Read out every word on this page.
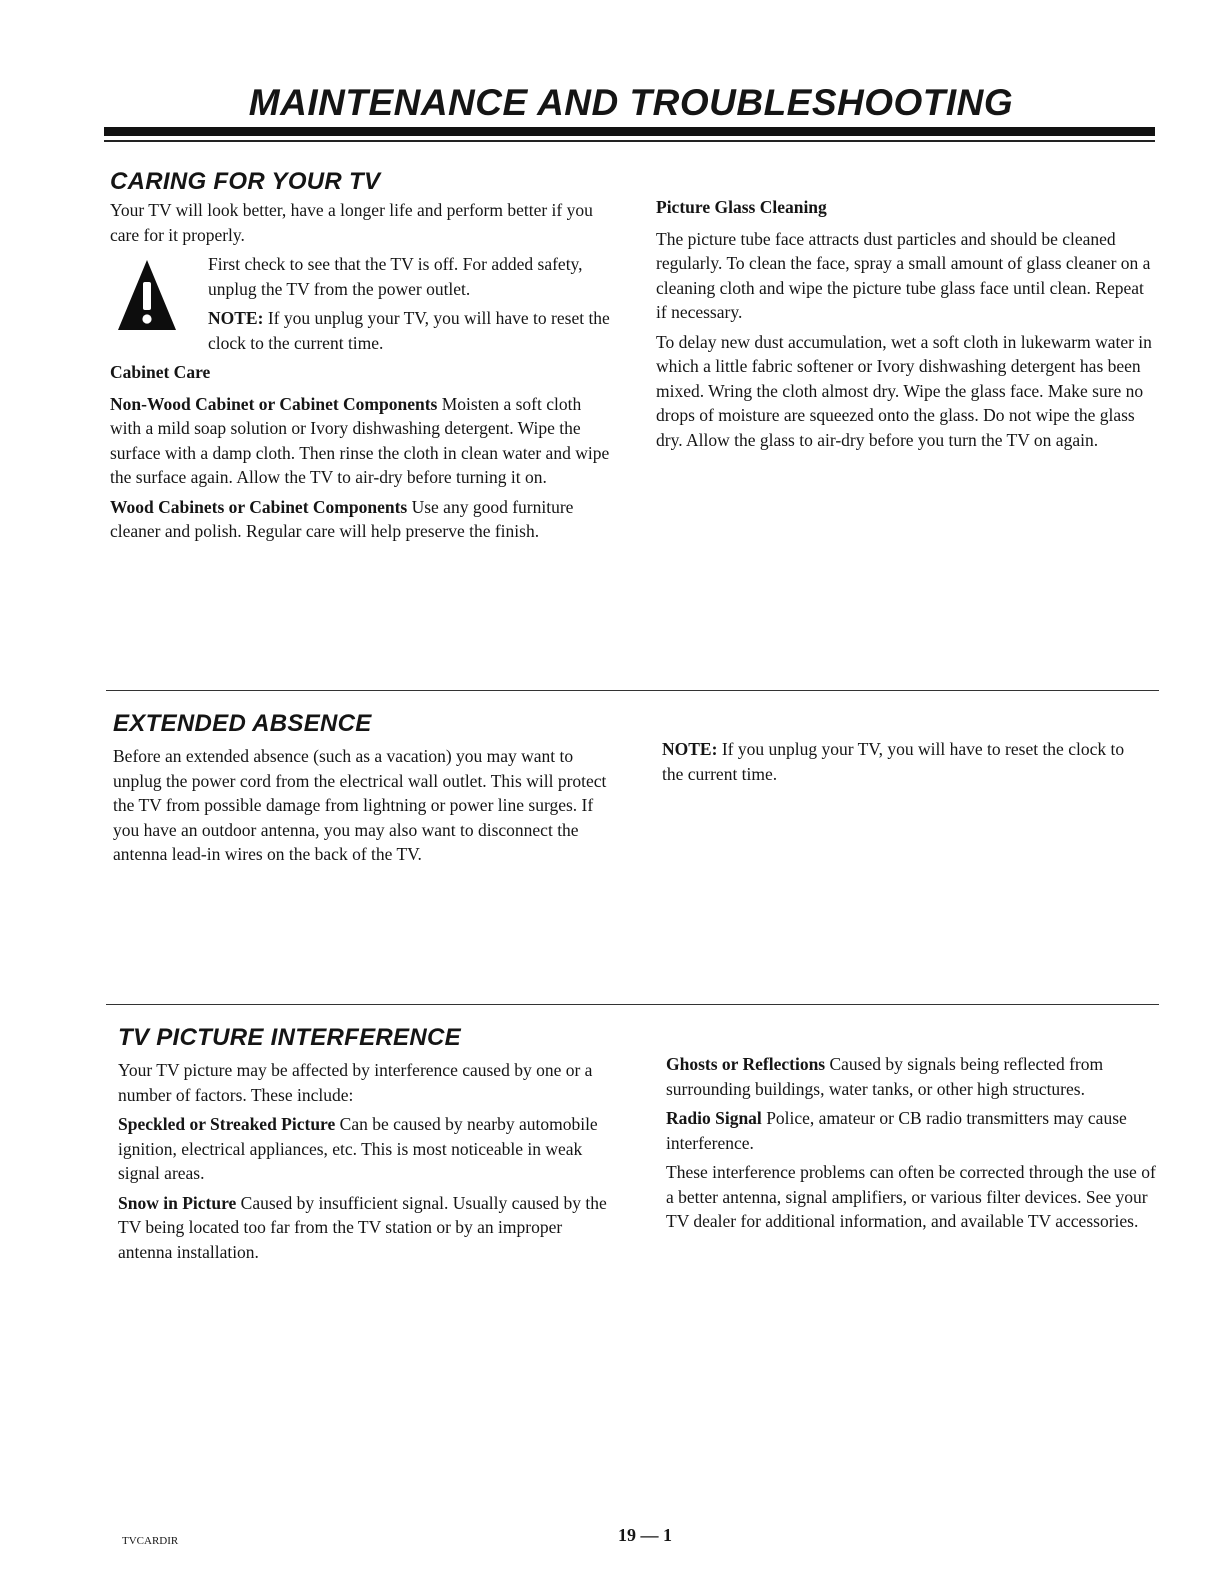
MAINTENANCE AND TROUBLESHOOTING
CARING FOR YOUR TV

Your TV will look better, have a longer life and perform better if you care for it properly.

First check to see that the TV is off. For added safety, unplug the TV from the power outlet.

NOTE: If you unplug your TV, you will have to reset the clock to the current time.

Cabinet Care

Non-Wood Cabinet or Cabinet Components Moisten a soft cloth with a mild soap solution or Ivory dishwashing detergent. Wipe the surface with a damp cloth. Then rinse the cloth in clean water and wipe the surface again. Allow the TV to air-dry before turning it on.

Wood Cabinets or Cabinet Components Use any good furniture cleaner and polish. Regular care will help preserve the finish.

Picture Glass Cleaning

The picture tube face attracts dust particles and should be cleaned regularly. To clean the face, spray a small amount of glass cleaner on a cleaning cloth and wipe the picture tube glass face until clean. Repeat if necessary.

To delay new dust accumulation, wet a soft cloth in lukewarm water in which a little fabric softener or Ivory dishwashing detergent has been mixed. Wring the cloth almost dry. Wipe the glass face. Make sure no drops of moisture are squeezed onto the glass. Do not wipe the glass dry. Allow the glass to air-dry before you turn the TV on again.

EXTENDED ABSENCE

Before an extended absence (such as a vacation) you may want to unplug the power cord from the electrical wall outlet. This will protect the TV from possible damage from lightning or power line surges. If you have an outdoor antenna, you may also want to disconnect the antenna lead-in wires on the back of the TV.

NOTE: If you unplug your TV, you will have to reset the clock to the current time.

TV PICTURE INTERFERENCE

Your TV picture may be affected by interference caused by one or a number of factors. These include:

Speckled or Streaked Picture Can be caused by nearby automobile ignition, electrical appliances, etc. This is most noticeable in weak signal areas.

Snow in Picture Caused by insufficient signal. Usually caused by the TV being located too far from the TV station or by an improper antenna installation.

Ghosts or Reflections Caused by signals being reflected from surrounding buildings, water tanks, or other high structures.

Radio Signal Police, amateur or CB radio transmitters may cause interference.

These interference problems can often be corrected through the use of a better antenna, signal amplifiers, or various filter devices. See your TV dealer for additional information, and available TV accessories.

TVCARDIR	19 — 1
